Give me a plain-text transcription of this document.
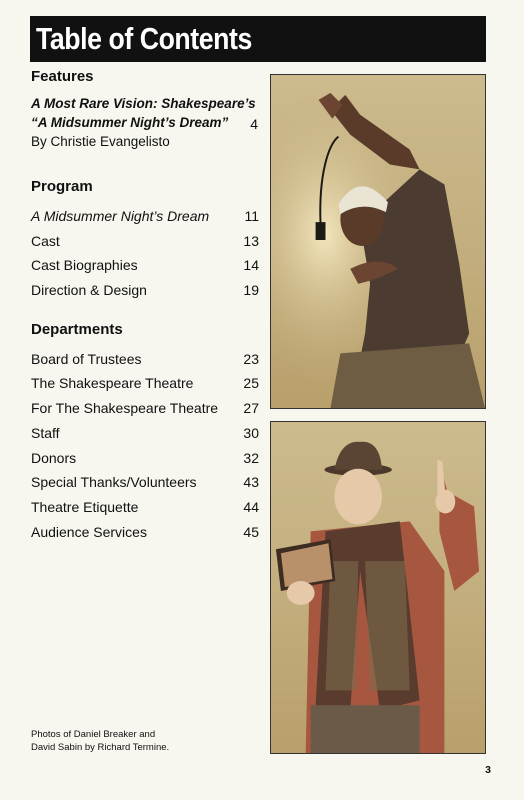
Table of Contents
Features
A Most Rare Vision: Shakespeare’s
“A Midsummer Night’s Dream” 4
By Christie Evangelisto
Program
A Midsummer Night’s Dream	11
Cast	13
Cast Biographies	14
Direction & Design	19
Departments
Board of Trustees	23
The Shakespeare Theatre	25
For The Shakespeare Theatre 27
Staff	30
Donors	32
Special Thanks/Volunteers	43
Theatre Etiquette	44
Audience Services	45
Photos of Daniel Breaker and
David Sabin by Richard Termine.
3
